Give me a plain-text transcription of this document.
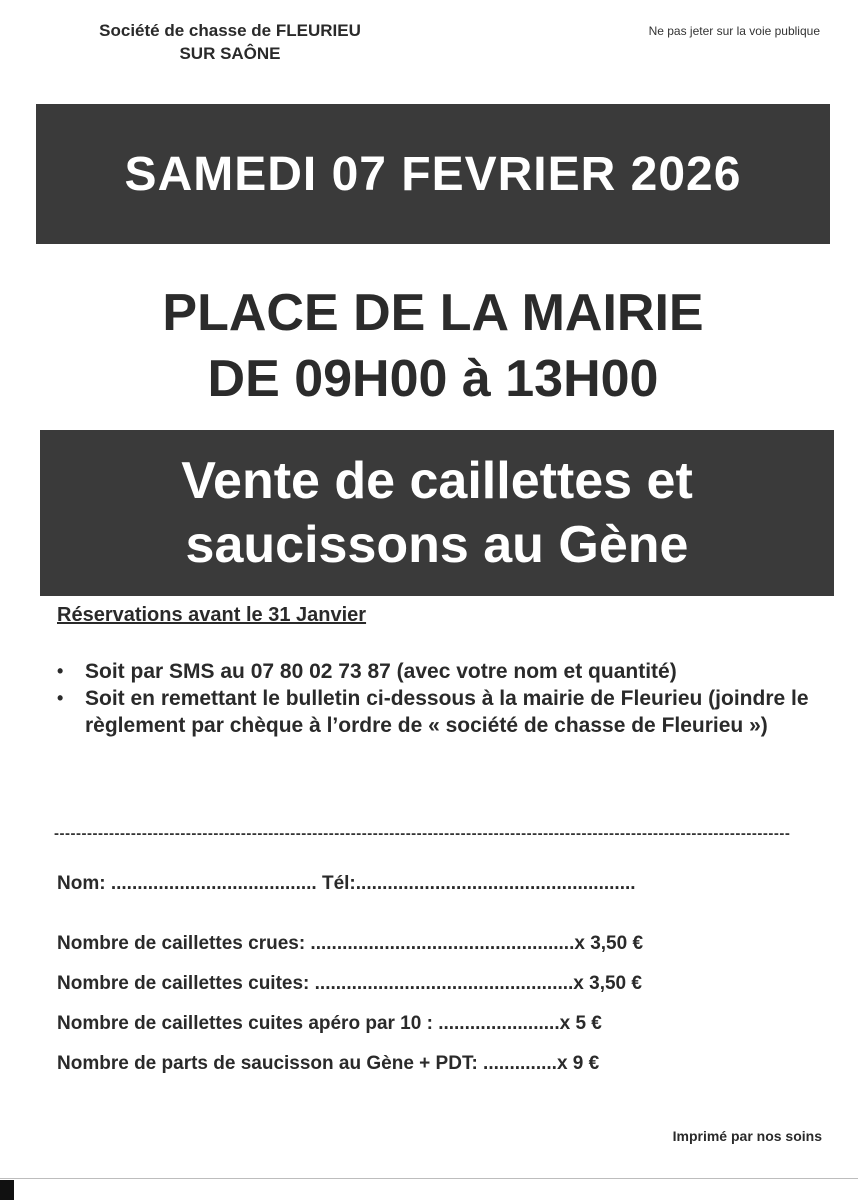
Société de chasse de FLEURIEU
SUR SAÔNE
Ne pas jeter sur la voie publique
SAMEDI 07 FEVRIER 2026
PLACE DE LA MAIRIE
DE 09H00 à 13H00
Vente de caillettes et
saucissons au Gène
Réservations avant le 31 Janvier
• Soit par SMS au 07 80 02 73 87 (avec votre nom et quantité)
• Soit en remettant le bulletin ci-dessous à la mairie de Fleurieu (joindre le règlement par chèque à l’ordre de « société de chasse de Fleurieu »)
--------------------------------------------------------------------------------------------------------------------------------------
Nom: ....................................... Tél:.....................................................
Nombre de caillettes crues: ..................................................x 3,50 €
Nombre de caillettes cuites: .................................................x 3,50 €
Nombre de caillettes cuites apéro par 10 : .......................x 5 €
Nombre de parts de saucisson au Gène + PDT: ..............x 9 €
Imprimé par nos soins
